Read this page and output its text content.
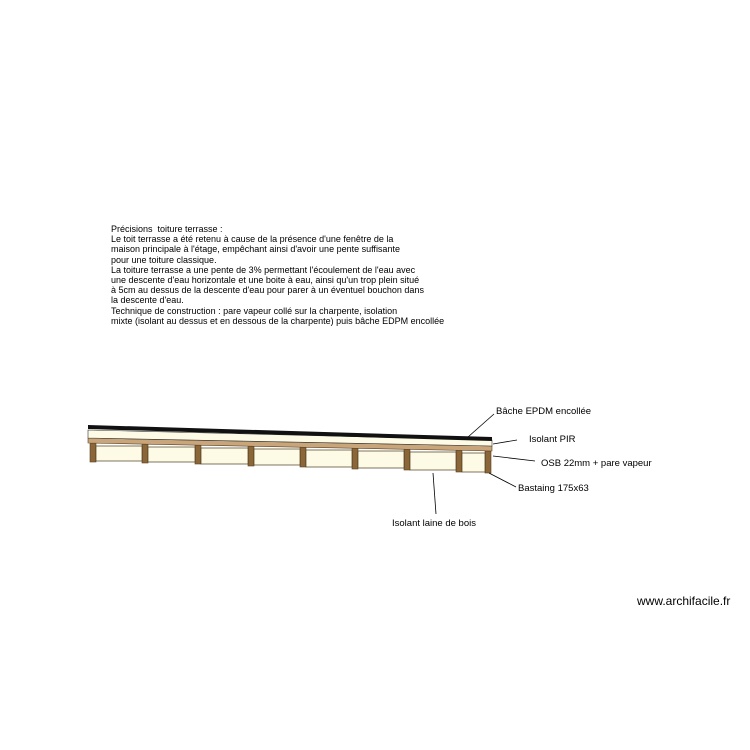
Précisions  toiture terrasse :
Le toit terrasse a été retenu à cause de la présence d'une fenêtre de la
maison principale à l'étage, empêchant ainsi d'avoir une pente suffisante
pour une toiture classique.
La toiture terrasse a une pente de 3% permettant l'écoulement de l'eau avec
une descente d'eau horizontale et une boite à eau, ainsi qu'un trop plein situé
à 5cm au dessus de la descente d'eau pour parer à un éventuel bouchon dans
la descente d'eau.
Technique de construction : pare vapeur collé sur la charpente, isolation
mixte (isolant au dessus et en dessous de la charpente) puis bâche EDPM encollée
Bâche EPDM encollée
Isolant PIR
OSB 22mm + pare vapeur
Bastaing 175x63
Isolant laine de bois
www.archifacile.fr
